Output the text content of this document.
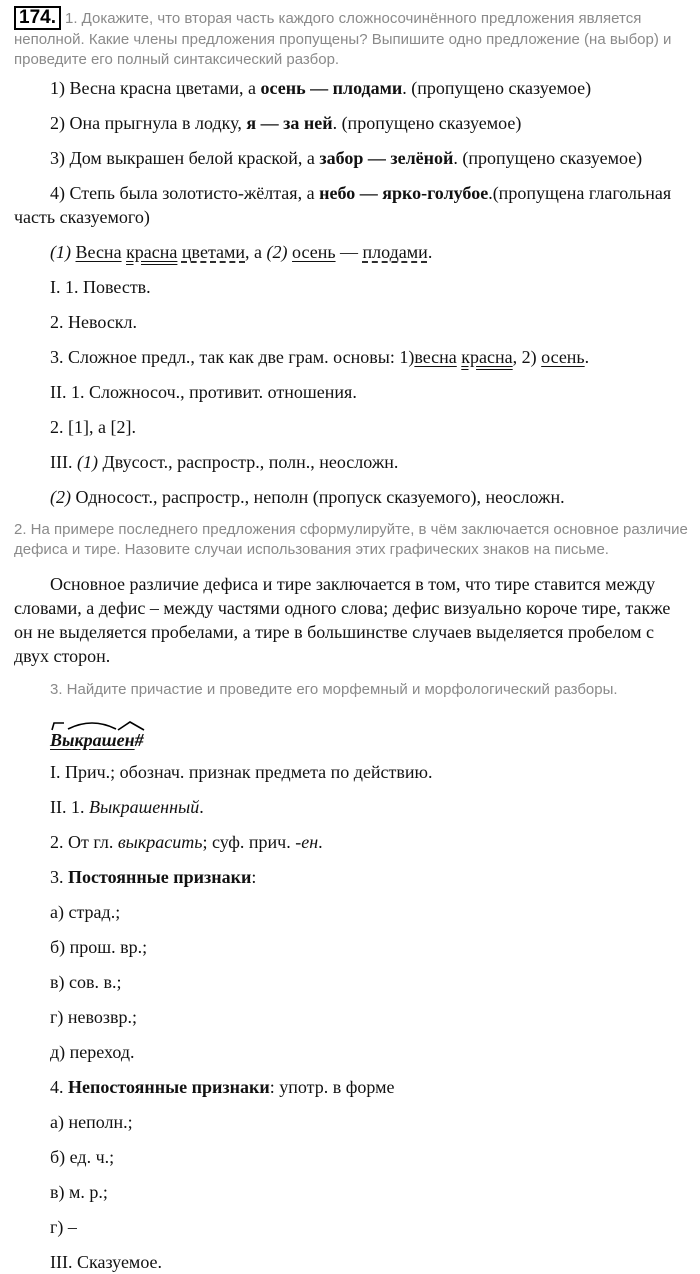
174. 1. Докажите, что вторая часть каждого сложносочинённого предложения является неполной. Какие члены предложения пропущены? Выпишите одно предложение (на выбор) и проведите его полный синтаксический разбор.
1) Весна красна цветами, а осень — плодами. (пропущено сказуемое)
2) Она прыгнула в лодку, я — за ней. (пропущено сказуемое)
3) Дом выкрашен белой краской, а забор — зелёной. (пропущено сказуемое)
4) Степь была золотисто-жёлтая, а небо — ярко-голубое.(пропущена глагольная часть сказуемого)
(1) Весна красна цветами, а (2) осень — плодами.
I. 1. Повеств.
2. Невоскл.
3. Сложное предл., так как две грам. основы: 1)весна красна, 2) осень.
II. 1. Сложносоч., противит. отношения.
2. [1], а [2].
III. (1) Двусост., распростр., полн., неосложн.
(2) Односост., распростр., неполн (пропуск сказуемого), неосложн.
2. На примере последнего предложения сформулируйте, в чём заключается основное различие дефиса и тире. Назовите случаи использования этих графических знаков на письме.

Основное различие дефиса и тире заключается в том, что тире ставится между словами, а дефис – между частями одного слова; дефис визуально короче тире, также он не выделяется пробелами, а тире в большинстве случаев выделяется пробелом с двух сторон.

3. Найдите причастие и проведите его морфемный и морфологический разборы.
Выкрашен#
I. Прич.; обознач. признак предмета по действию.
II. 1. Выкрашенный.
2. От гл. выкрасить; суф. прич. -ен.
3. Постоянные признаки:
а) страд.;
б) прош. вр.;
в) сов. в.;
г) невозвр.;
д) переход.
4. Непостоянные признаки: употр. в форме
а) неполн.;
б) ед. ч.;
в) м. р.;
г) –
III. Сказуемое.
